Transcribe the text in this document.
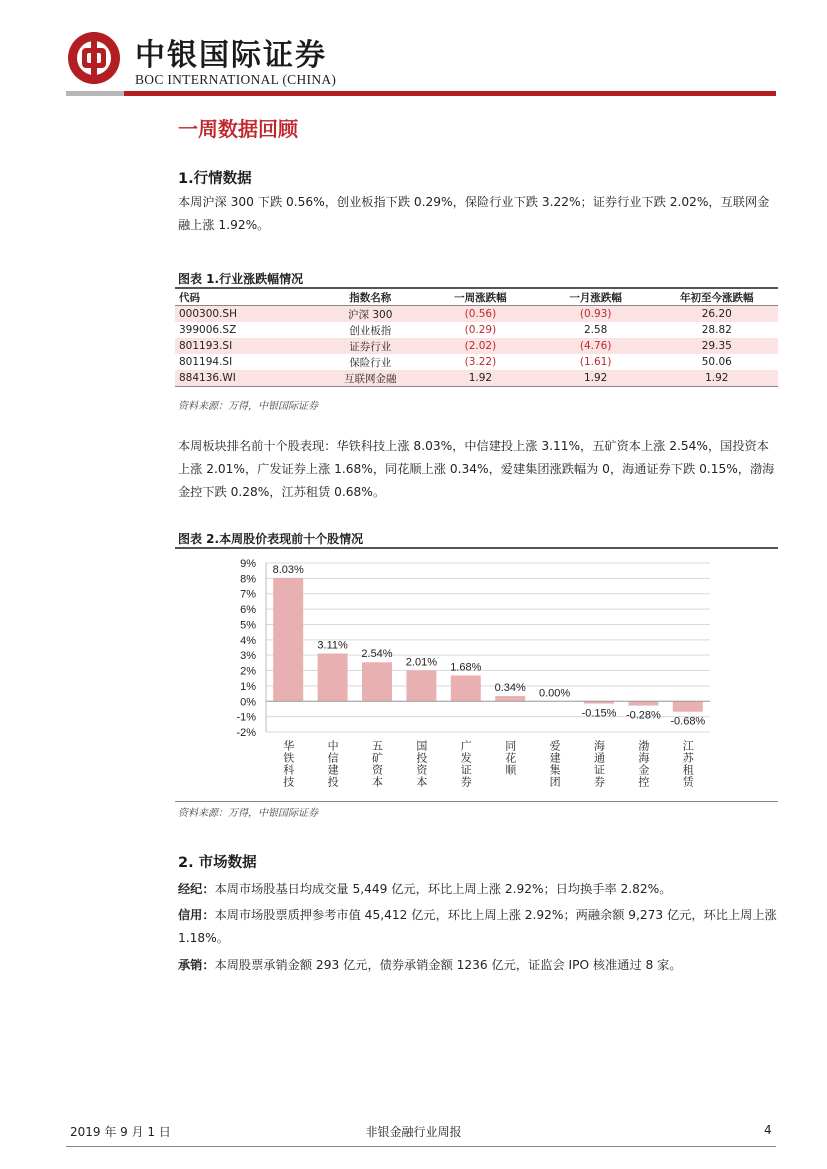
中银国际证券
BOC INTERNATIONAL (CHINA)
一周数据回顾
1.行情数据
本周沪深 300 下跌 0.56%，创业板指下跌 0.29%，保险行业下跌 3.22%；证券行业下跌 2.02%，互联网金融上涨 1.92%。
图表 1.行业涨跌幅情况
代码	指数名称	一周涨跌幅	一月涨跌幅	年初至今涨跌幅
000300.SH	沪深 300	(0.56)	(0.93)	26.20
399006.SZ	创业板指	(0.29)	2.58	28.82
801193.SI	证券行业	(2.02)	(4.76)	29.35
801194.SI	保险行业	(3.22)	(1.61)	50.06
884136.WI	互联网金融	1.92	1.92	1.92
资料来源：万得，中银国际证券
本周板块排名前十个股表现：华铁科技上涨 8.03%，中信建投上涨 3.11%，五矿资本上涨 2.54%，国投资本上涨 2.01%，广发证券上涨 1.68%，同花顺上涨 0.34%，爱建集团涨跌幅为 0，海通证券下跌 0.15%，渤海金控下跌 0.28%，江苏租赁 0.68%。
图表 2.本周股价表现前十个股情况
9%
8%
7%
6%
5%
4%
3%
2%
1%
0%
-1%
-2%
8.03%
华铁科技
3.11%
中信建投
2.54%
五矿资本
2.01%
国投资本
1.68%
广发证券
0.34%
同花顺
0.00%
爱建集团
-0.15%
海通证券
-0.28%
渤海金控
-0.68%
江苏租赁
资料来源：万得，中银国际证券
2. 市场数据
经纪：本周市场股基日均成交量 5,449 亿元，环比上周上涨 2.92%；日均换手率 2.82%。
信用：本周市场股票质押参考市值 45,412 亿元，环比上周上涨 2.92%；两融余额 9,273 亿元，环比上周上涨 1.18%。
承销：本周股票承销金额 293 亿元，债券承销金额 1236 亿元，证监会 IPO 核准通过 8 家。
2019 年 9 月 1 日	非银金融行业周报	4
